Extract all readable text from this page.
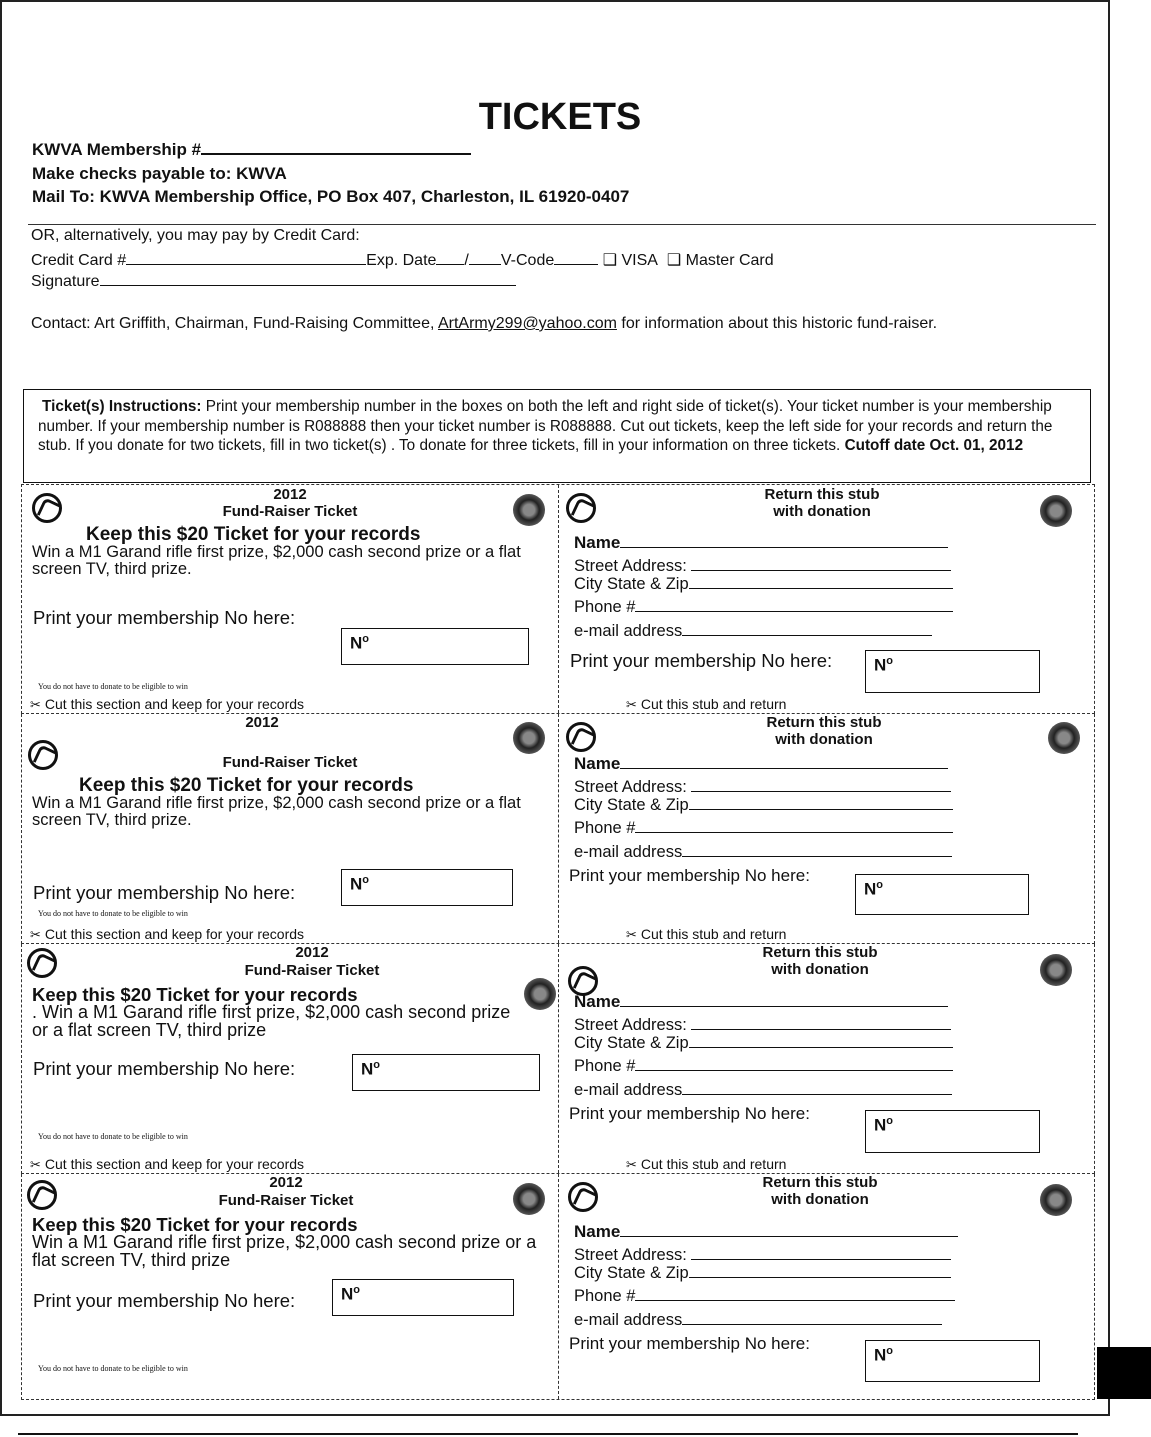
TICKETS
KWVA Membership #
Make checks payable to: KWVA
Mail To: KWVA Membership Office, PO Box 407, Charleston, IL 61920-0407
OR, alternatively, you may pay by Credit Card:
Credit Card #	Exp. Date / V-Code	❑ VISA ❑ Master Card
Signature
Contact: Art Griffith, Chairman, Fund-Raising Committee, ArtArmy299@yahoo.com for information about this historic fund-raiser.
Ticket(s) Instructions: Print your membership number in the boxes on both the left and right side of ticket(s). Your ticket number is your membership number. If your membership number is R088888 then your ticket number is R088888. Cut out tickets, keep the left side for your records and return the stub. If you donate for two tickets, fill in two ticket(s) . To donate for three tickets, fill in your information on three tickets. Cutoff date Oct. 01, 2012
2012
Fund-Raiser Ticket
Keep this $20 Ticket for your records
Win a M1 Garand rifle first prize, $2,000 cash second prize or a flat screen TV, third prize.
Print your membership No here:
$N^o$
You do not have to donate to be eligible to win
Return this stub
with donation
Name
Street Address:
City State & Zip
Phone #
e-mail address
Print your membership No here:	$N^o$
✂ Cut this section and keep for your records	✂ Cut this stub and return
2012
Fund-Raiser Ticket
Keep this $20 Ticket for your records
Win a M1 Garand rifle first prize, $2,000 cash second prize or a flat screen TV, third prize.
Print your membership No here:	$N^o$
You do not have to donate to be eligible to win
Return this stub
with donation
Name
Street Address:
City State & Zip
Phone #
e-mail address
Print your membership No here:
$N^o$
✂ Cut this section and keep for your records	✂ Cut this stub and return
2012
Fund-Raiser Ticket
Keep this $20 Ticket for your records
. Win a M1 Garand rifle first prize, $2,000 cash second prize or a flat screen TV, third prize
Print your membership No here:	$N^o$
You do not have to donate to be eligible to win
Return this stub
with donation
Name
Street Address:
City State & Zip
Phone #
e-mail address
Print your membership No here:
$N^o$
✂ Cut this section and keep for your records	✂ Cut this stub and return
2012
Fund-Raiser Ticket
Keep this $20 Ticket for your records
Win a M1 Garand rifle first prize, $2,000 cash second prize or a flat screen TV, third prize
Print your membership No here:	$N^o$
You do not have to donate to be eligible to win
Return this stub
with donation
Name
Street Address:
City State & Zip
Phone #
e-mail address
Print your membership No here:
$N^o$
